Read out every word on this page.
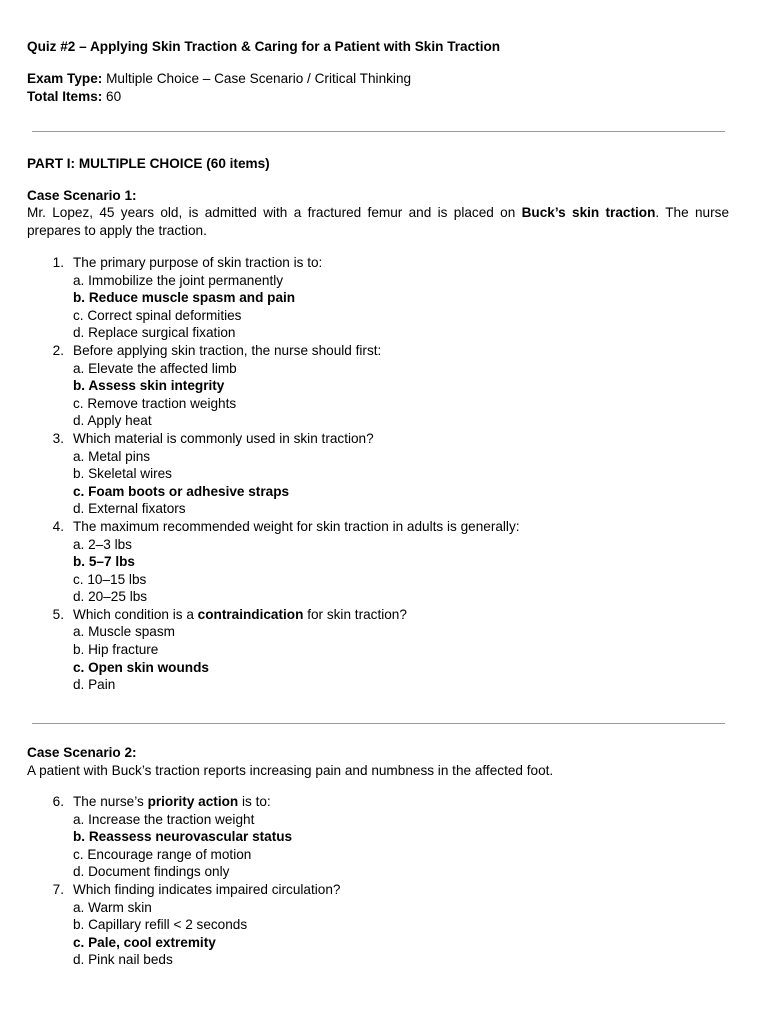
Quiz #2 – Applying Skin Traction & Caring for a Patient with Skin Traction
Exam Type: Multiple Choice – Case Scenario / Critical Thinking
Total Items: 60
PART I: MULTIPLE CHOICE (60 items)
Case Scenario 1:
Mr. Lopez, 45 years old, is admitted with a fractured femur and is placed on Buck’s skin traction. The nurse prepares to apply the traction.
1. The primary purpose of skin traction is to:
a. Immobilize the joint permanently
b. Reduce muscle spasm and pain
c. Correct spinal deformities
d. Replace surgical fixation
2. Before applying skin traction, the nurse should first:
a. Elevate the affected limb
b. Assess skin integrity
c. Remove traction weights
d. Apply heat
3. Which material is commonly used in skin traction?
a. Metal pins
b. Skeletal wires
c. Foam boots or adhesive straps
d. External fixators
4. The maximum recommended weight for skin traction in adults is generally:
a. 2–3 lbs
b. 5–7 lbs
c. 10–15 lbs
d. 20–25 lbs
5. Which condition is a contraindication for skin traction?
a. Muscle spasm
b. Hip fracture
c. Open skin wounds
d. Pain
Case Scenario 2:
A patient with Buck’s traction reports increasing pain and numbness in the affected foot.
6. The nurse’s priority action is to:
a. Increase the traction weight
b. Reassess neurovascular status
c. Encourage range of motion
d. Document findings only
7. Which finding indicates impaired circulation?
a. Warm skin
b. Capillary refill < 2 seconds
c. Pale, cool extremity
d. Pink nail beds
